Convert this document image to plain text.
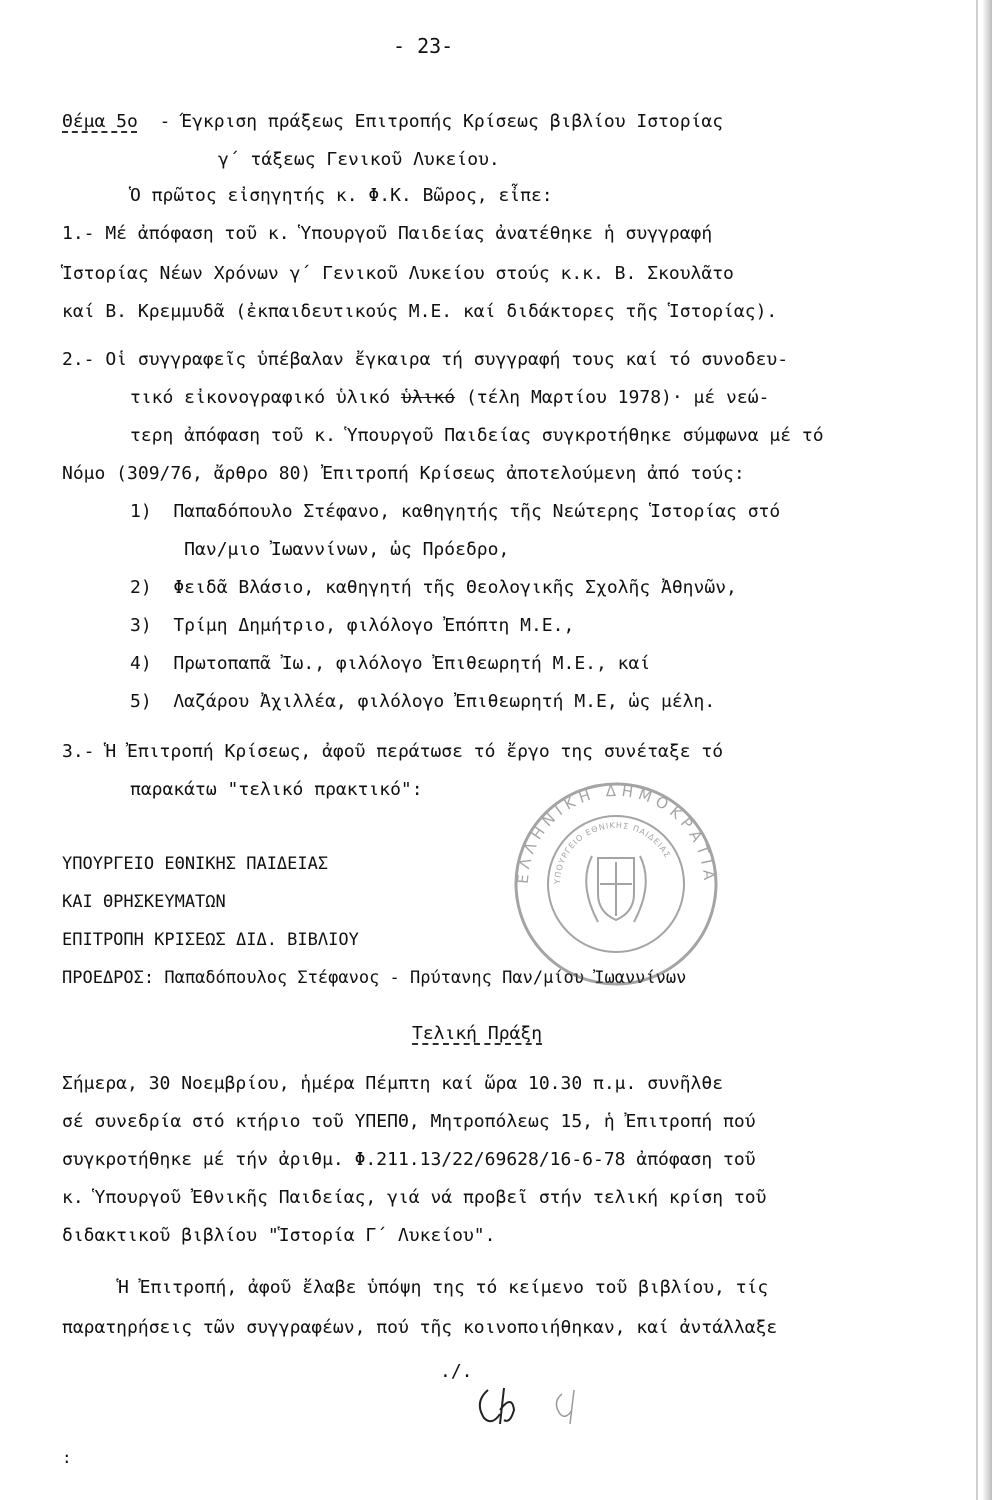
- 23-
Θέμα 5ο - Έγκριση πράξεως Επιτροπής Κρίσεως βιβλίου Ιστορίας
γ΄ τάξεως Γενικοῦ Λυκείου.
Ὁ πρῶτος εἰσηγητής κ. Φ.Κ. Βῶρος, εἶπε:
1.- Μέ ἀπόφαση τοῦ κ. Ὑπουργοῦ Παιδείας ἀνατέθηκε ἡ συγγραφή
Ἱστορίας Νέων Χρόνων γ΄ Γενικοῦ Λυκείου στούς κ.κ. Β. Σκουλᾶτο
καί Β. Κρεμμυδᾶ (ἐκπαιδευτικούς Μ.Ε. καί διδάκτορες τῆς Ἱστορίας).
2.- Οἱ συγγραφεῖς ὑπέβαλαν ἔγκαιρα τή συγγραφή τους καί τό συνοδευ-
τικό εἰκονογραφικό ὑλικό ὑλικό (τέλη Μαρτίου 1978)· μέ νεώ-
τερη ἀπόφαση τοῦ κ. Ὑπουργοῦ Παιδείας συγκροτήθηκε σύμφωνα μέ τό
Νόμο (309/76, ἄρθρο 80) Ἐπιτροπή Κρίσεως ἀποτελούμενη ἀπό τούς:
1)  Παπαδόπουλο Στέφανο, καθηγητής τῆς Νεώτερης Ἱστορίας στό
Παν/μιο Ἰωαννίνων, ὡς Πρόεδρο,
2)  Φειδᾶ Βλάσιο, καθηγητή τῆς Θεολογικῆς Σχολῆς Ἀθηνῶν,
3)  Τρίμη Δημήτριο, φιλόλογο Ἐπόπτη Μ.Ε.,
4)  Πρωτοπαπᾶ Ἰω., φιλόλογο Ἐπιθεωρητή Μ.Ε., καί
5)  Λαζάρου Ἀχιλλέα, φιλόλογο Ἐπιθεωρητή Μ.Ε, ὡς μέλη.
3.- Ἡ Ἐπιτροπή Κρίσεως, ἀφοῦ περάτωσε τό ἔργο της συνέταξε τό
παρακάτω "τελικό πρακτικό":
ΥΠΟΥΡΓΕΙΟ ΕΘΝΙΚΗΣ ΠΑΙΔΕΙΑΣ
ΚΑΙ ΘΡΗΣΚΕΥΜΑΤΩΝ
ΕΠΙΤΡΟΠΗ ΚΡΙΣΕΩΣ ΔΙΔ. ΒΙΒΛΙΟΥ
ΠΡΟΕΔΡΟΣ: Παπαδόπουλος Στέφανος - Πρύτανης Παν/μίου Ἰωαννίνων
Τελική Πράξη
Σήμερα, 30 Νοεμβρίου, ἡμέρα Πέμπτη καί ὥρα 10.30 π.μ. συνῆλθε
σέ συνεδρία στό κτήριο τοῦ ΥΠΕΠΘ, Μητροπόλεως 15, ἡ Ἐπιτροπή πού
συγκροτήθηκε μέ τήν ἀριθμ. Φ.211.13/22/69628/16-6-78 ἀπόφαση τοῦ
κ. Ὑπουργοῦ Ἐθνικῆς Παιδείας, γιά νά προβεῖ στήν τελική κρίση τοῦ
διδακτικοῦ βιβλίου "Ἱστορία Γ΄ Λυκείου".
Ἡ Ἐπιτροπή, ἀφοῦ ἔλαβε ὑπόψη της τό κείμενο τοῦ βιβλίου, τίς
παρατηρήσεις τῶν συγγραφέων, πού τῆς κοινοποιήθηκαν, καί ἀντάλλαξε
./.
ΕΛΛΗΝΙΚΗ ΔΗΜΟΚΡΑΤΙΑ
ΥΠΟΥΡΓΕΙΟ ΕΘΝΙΚΗΣ ΠΑΙΔΕΙΑΣ
:
